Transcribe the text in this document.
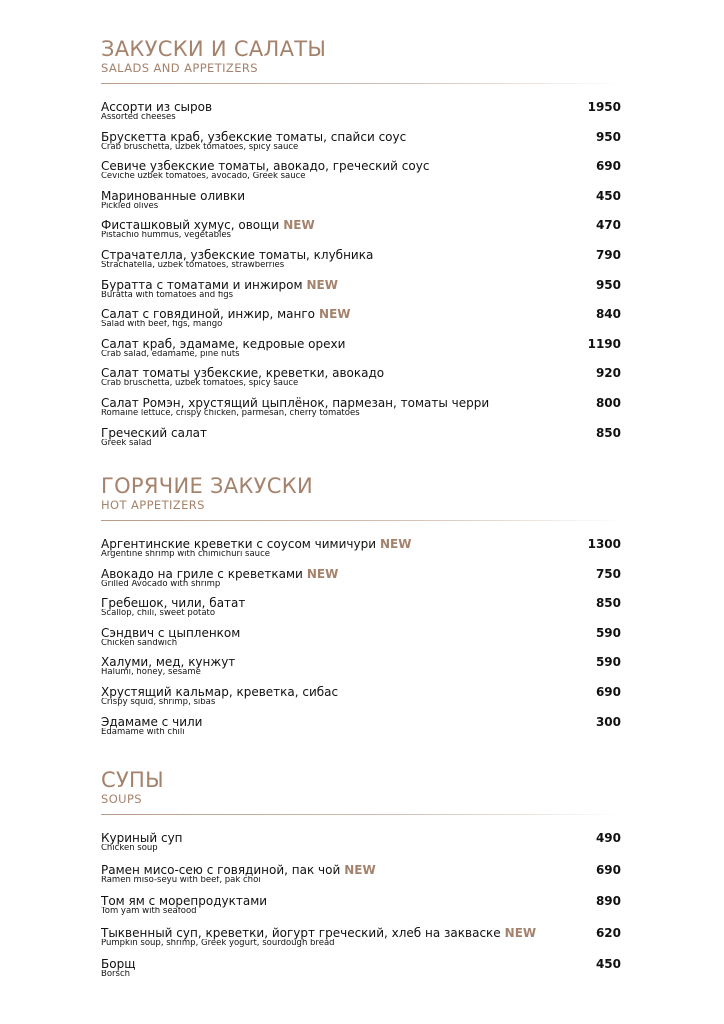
ЗАКУСКИ И САЛАТЫ
SALADS AND APPETIZERS
Ассорти из сыров
Assorted cheeses
1950
Брускетта краб, узбекские томаты, спайси соус
Crab bruschetta, uzbek tomatoes, spicy sauce
950
Севиче узбекские томаты, авокадо, греческий соус
Ceviche uzbek tomatoes, avocado, Greek sauce
690
Маринованные оливки
Pickled olives
450
Фисташковый хумус, овощи NEW
Pistachio hummus, vegetables
470
Страчателла, узбекские томаты, клубника
Strachatella, uzbek tomatoes, strawberries
790
Буратта с томатами и инжиром NEW
Buratta with tomatoes and figs
950
Салат с говядиной, инжир, манго NEW
Salad with beef, figs, mango
840
Салат краб, эдамаме, кедровые орехи
Crab salad, edamame, pine nuts
1190
Салат томаты узбекские, креветки, авокадо
Crab bruschetta, uzbek tomatoes, spicy sauce
920
Салат Ромэн, хрустящий цыплёнок, пармезан, томаты черри
Romaine lettuce, crispy chicken, parmesan, cherry tomatoes
800
Греческий салат
Greek salad
850
ГОРЯЧИЕ ЗАКУСКИ
HOT APPETIZERS
Аргентинские креветки с соусом чимичури NEW
Argentine shrimp with chimichuri sauce
1300
Авокадо на гриле с креветками NEW
Grilled Avocado with shrimp
750
Гребешок, чили, батат
Scallop, chili, sweet potato
850
Сэндвич с цыпленком
Chicken sandwich
590
Халуми, мед, кунжут
Halumi, honey, sesame
590
Хрустящий кальмар, креветка, сибас
Crispy squid, shrimp, sibas
690
Эдамаме с чили
Edamame with chili
300
СУПЫ
SOUPS
Куриный суп
Chicken soup
490
Рамен мисо-сею с говядиной, пак чой NEW
Ramen miso-seyu with beef, pak choi
690
Том ям с морепродуктами
Tom yam with seafood
890
Тыквенный суп, креветки, йогурт греческий, хлеб на закваске NEW
Pumpkin soup, shrimp, Greek yogurt, sourdough bread
620
Борщ
Borsch
450
